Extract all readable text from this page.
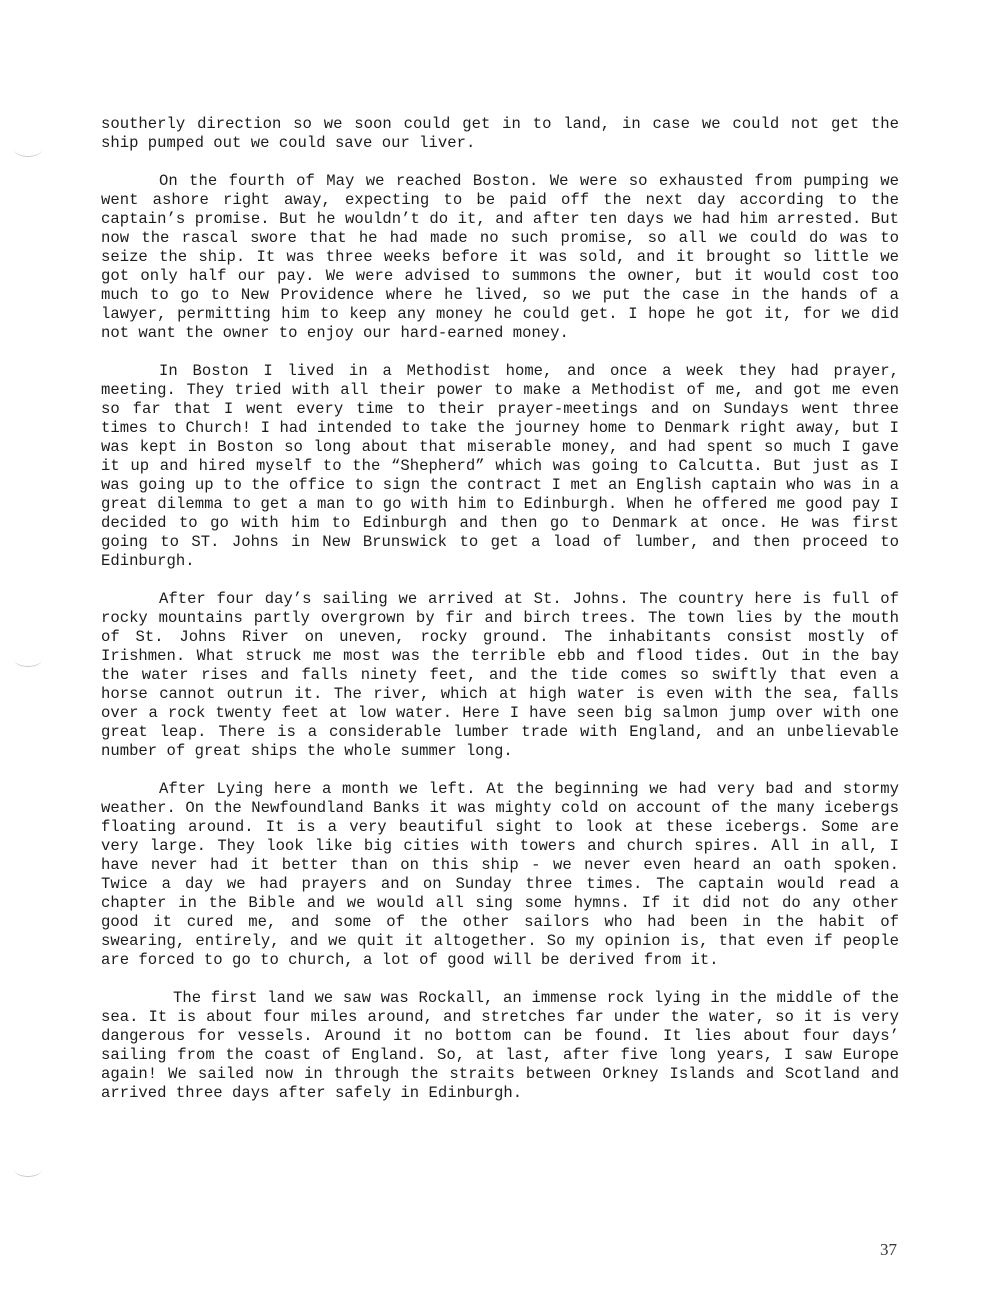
southerly direction so we soon could get in to land, in case we could not get the ship pumped out we could save our liver.

On the fourth of May we reached Boston. We were so exhausted from pumping we went ashore right away, expecting to be paid off the next day according to the captain’s promise. But he wouldn’t do it, and after ten days we had him arrested. But now the rascal swore that he had made no such promise, so all we could do was to seize the ship. It was three weeks before it was sold, and it brought so little we got only half our pay. We were advised to summons the owner, but it would cost too much to go to New Providence where he lived, so we put the case in the hands of a lawyer, permitting him to keep any money he could get. I hope he got it, for we did not want the owner to enjoy our hard-earned money.

In Boston I lived in a Methodist home, and once a week they had prayer, meeting. They tried with all their power to make a Methodist of me, and got me even so far that I went every time to their prayer-meetings and on Sundays went three times to Church! I had intended to take the journey home to Denmark right away, but I was kept in Boston so long about that miserable money, and had spent so much I gave it up and hired myself to the “Shepherd” which was going to Calcutta. But just as I was going up to the office to sign the contract I met an English captain who was in a great dilemma to get a man to go with him to Edinburgh. When he offered me good pay I decided to go with him to Edinburgh and then go to Denmark at once. He was first going to ST. Johns in New Brunswick to get a load of lumber, and then proceed to Edinburgh.

After four day’s sailing we arrived at St. Johns. The country here is full of rocky mountains partly overgrown by fir and birch trees. The town lies by the mouth of St. Johns River on uneven, rocky ground. The inhabitants consist mostly of Irishmen. What struck me most was the terrible ebb and flood tides. Out in the bay the water rises and falls ninety feet, and the tide comes so swiftly that even a horse cannot outrun it. The river, which at high water is even with the sea, falls over a rock twenty feet at low water. Here I have seen big salmon jump over with one great leap. There is a considerable lumber trade with England, and an unbelievable number of great ships the whole summer long.

After Lying here a month we left. At the beginning we had very bad and stormy weather. On the Newfoundland Banks it was mighty cold on account of the many icebergs floating around. It is a very beautiful sight to look at these icebergs. Some are very large. They look like big cities with towers and church spires. All in all, I have never had it better than on this ship - we never even heard an oath spoken. Twice a day we had prayers and on Sunday three times. The captain would read a chapter in the Bible and we would all sing some hymns. If it did not do any other good it cured me, and some of the other sailors who had been in the habit of swearing, entirely, and we quit it altogether. So my opinion is, that even if people are forced to go to church, a lot of good will be derived from it.

The first land we saw was Rockall, an immense rock lying in the middle of the sea. It is about four miles around, and stretches far under the water, so it is very dangerous for vessels. Around it no bottom can be found. It lies about four days’ sailing from the coast of England. So, at last, after five long years, I saw Europe again! We sailed now in through the straits between Orkney Islands and Scotland and arrived three days after safely in Edinburgh.

37
